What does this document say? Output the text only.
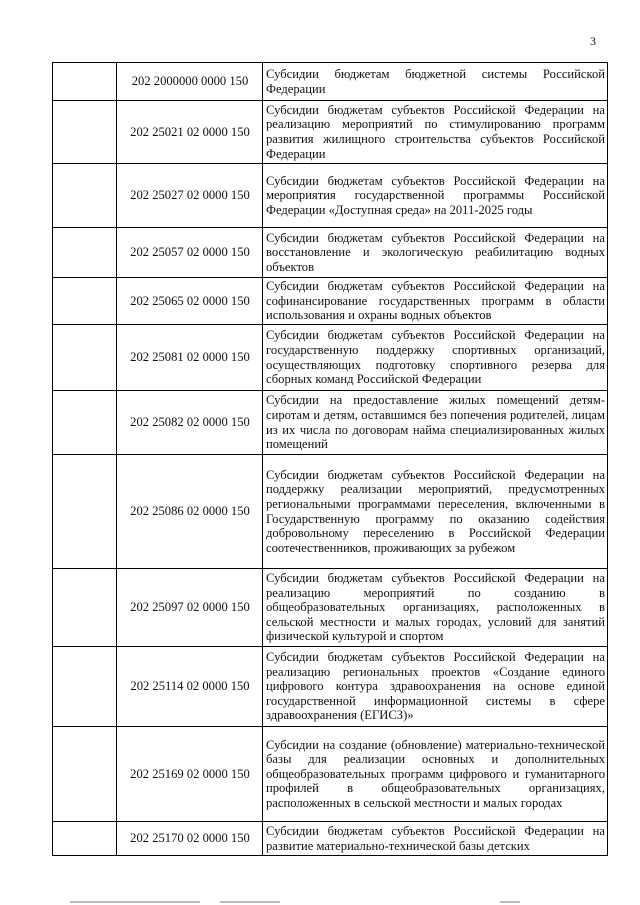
3
	202 2000000 0000 150	Субсидии бюджетам бюджетной системы Российской Федерации
	202 25021 02 0000 150	Субсидии бюджетам субъектов Российской Федерации на реализацию мероприятий по стимулированию программ развития жилищного строительства субъектов Российской Федерации
	202 25027 02 0000 150	Субсидии бюджетам субъектов Российской Федерации на мероприятия государственной программы Российской Федерации «Доступная среда» на 2011-2025 годы
	202 25057 02 0000 150	Субсидии бюджетам субъектов Российской Федерации на восстановление и экологическую реабилитацию водных объектов
	202 25065 02 0000 150	Субсидии бюджетам субъектов Российской Федерации на софинансирование государственных программ в области использования и охраны водных объектов
	202 25081 02 0000 150	Субсидии бюджетам субъектов Российской Федерации на государственную поддержку спортивных организаций, осуществляющих подготовку спортивного резерва для сборных команд Российской Федерации
	202 25082 02 0000 150	Субсидии на предоставление жилых помещений детям-сиротам и детям, оставшимся без попечения родителей, лицам из их числа по договорам найма специализированных жилых помещений
	202 25086 02 0000 150	Субсидии бюджетам субъектов Российской Федерации на поддержку реализации мероприятий, предусмотренных региональными программами переселения, включенными в Государственную программу по оказанию содействия добровольному переселению в Российской Федерации соотечественников, проживающих за рубежом
	202 25097 02 0000 150	Субсидии бюджетам субъектов Российской Федерации на реализацию мероприятий по созданию в общеобразовательных организациях, расположенных в сельской местности и малых городах, условий для занятий физической культурой и спортом
	202 25114 02 0000 150	Субсидии бюджетам субъектов Российской Федерации на реализацию региональных проектов «Создание единого цифрового контура здравоохранения на основе единой государственной информационной системы в сфере здравоохранения (ЕГИСЗ)»
	202 25169 02 0000 150	Субсидии на создание (обновление) материально-технической базы для реализации основных и дополнительных общеобразовательных программ цифрового и гуманитарного профилей в общеобразовательных организациях, расположенных в сельской местности и малых городах
	202 25170 02 0000 150	Субсидии бюджетам субъектов Российской Федерации на развитие материально-технической базы детских
